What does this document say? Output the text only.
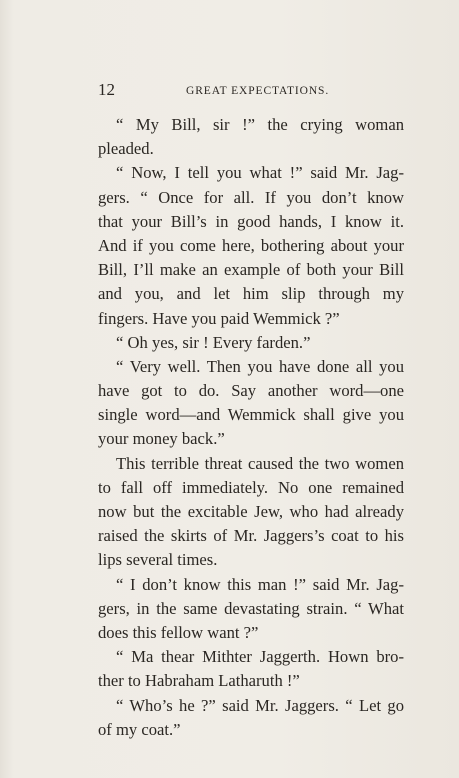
12	GREAT EXPECTATIONS.
“ My Bill, sir !” the crying woman
pleaded.
“ Now, I tell you what !” said Mr. Jag-
gers. “ Once for all. If you don’t know
that your Bill’s in good hands, I know it.
And if you come here, bothering about your
Bill, I’ll make an example of both your Bill
and you, and let him slip through my
fingers. Have you paid Wemmick ?”
“ Oh yes, sir ! Every farden.”
“ Very well. Then you have done all you
have got to do. Say another word—one
single word—and Wemmick shall give you
your money back.”
This terrible threat caused the two women
to fall off immediately. No one remained
now but the excitable Jew, who had already
raised the skirts of Mr. Jaggers’s coat to his
lips several times.
“ I don’t know this man !” said Mr. Jag-
gers, in the same devastating strain. “ What
does this fellow want ?”
“ Ma thear Mithter Jaggerth. Hown bro-
ther to Habraham Latharuth !”
“ Who’s he ?” said Mr. Jaggers. “ Let go
of my coat.”
